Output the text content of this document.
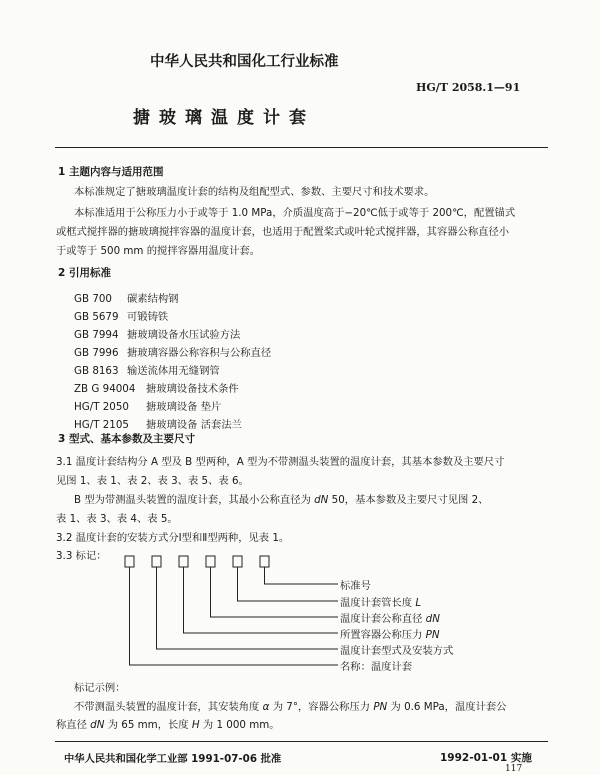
中华人民共和国化工行业标准
HG/T 2058.1—91
搪玻璃温度计套
1 主题内容与适用范围
本标准规定了搪玻璃温度计套的结构及组配型式、参数、主要尺寸和技术要求。
本标准适用于公称压力小于或等于 1.0 MPa，介质温度高于−20℃低于或等于 200℃，配置锚式
或框式搅拌器的搪玻璃搅拌容器的温度计套，也适用于配置桨式或叶轮式搅拌器，其容器公称直径小
于或等于 500 mm 的搅拌容器用温度计套。
2 引用标准
GB 700 碳素结构钢
GB 5679 可锻铸铁
GB 7994 搪玻璃设备水压试验方法
GB 7996 搪玻璃容器公称容积与公称直径
GB 8163 输送流体用无缝钢管
ZB G 94004 搪玻璃设备技术条件
HG/T 2050 搪玻璃设备 垫片
HG/T 2105 搪玻璃设备 活套法兰
3 型式、基本参数及主要尺寸
3.1 温度计套结构分 A 型及 B 型两种，A 型为不带测温头装置的温度计套，其基本参数及主要尺寸
见图 1、表 1、表 2、表 3、表 5、表 6。
B 型为带测温头装置的温度计套，其最小公称直径为 dN 50，基本参数及主要尺寸见图 2、
表 1、表 3、表 4、表 5。
3.2 温度计套的安装方式分Ⅰ型和Ⅱ型两种，见表 1。
3.3 标记：
标准号
温度计套管长度 L
温度计套公称直径 dN
所置容器公称压力 PN
温度计套型式及安装方式
名称：温度计套
标记示例：
不带测温头装置的温度计套，其安装角度 α 为 7°，容器公称压力 PN 为 0.6 MPa，温度计套公
称直径 dN 为 65 mm，长度 H 为 1 000 mm。
中华人民共和国化学工业部 1991-07-06 批准	1992-01-01 实施
117
